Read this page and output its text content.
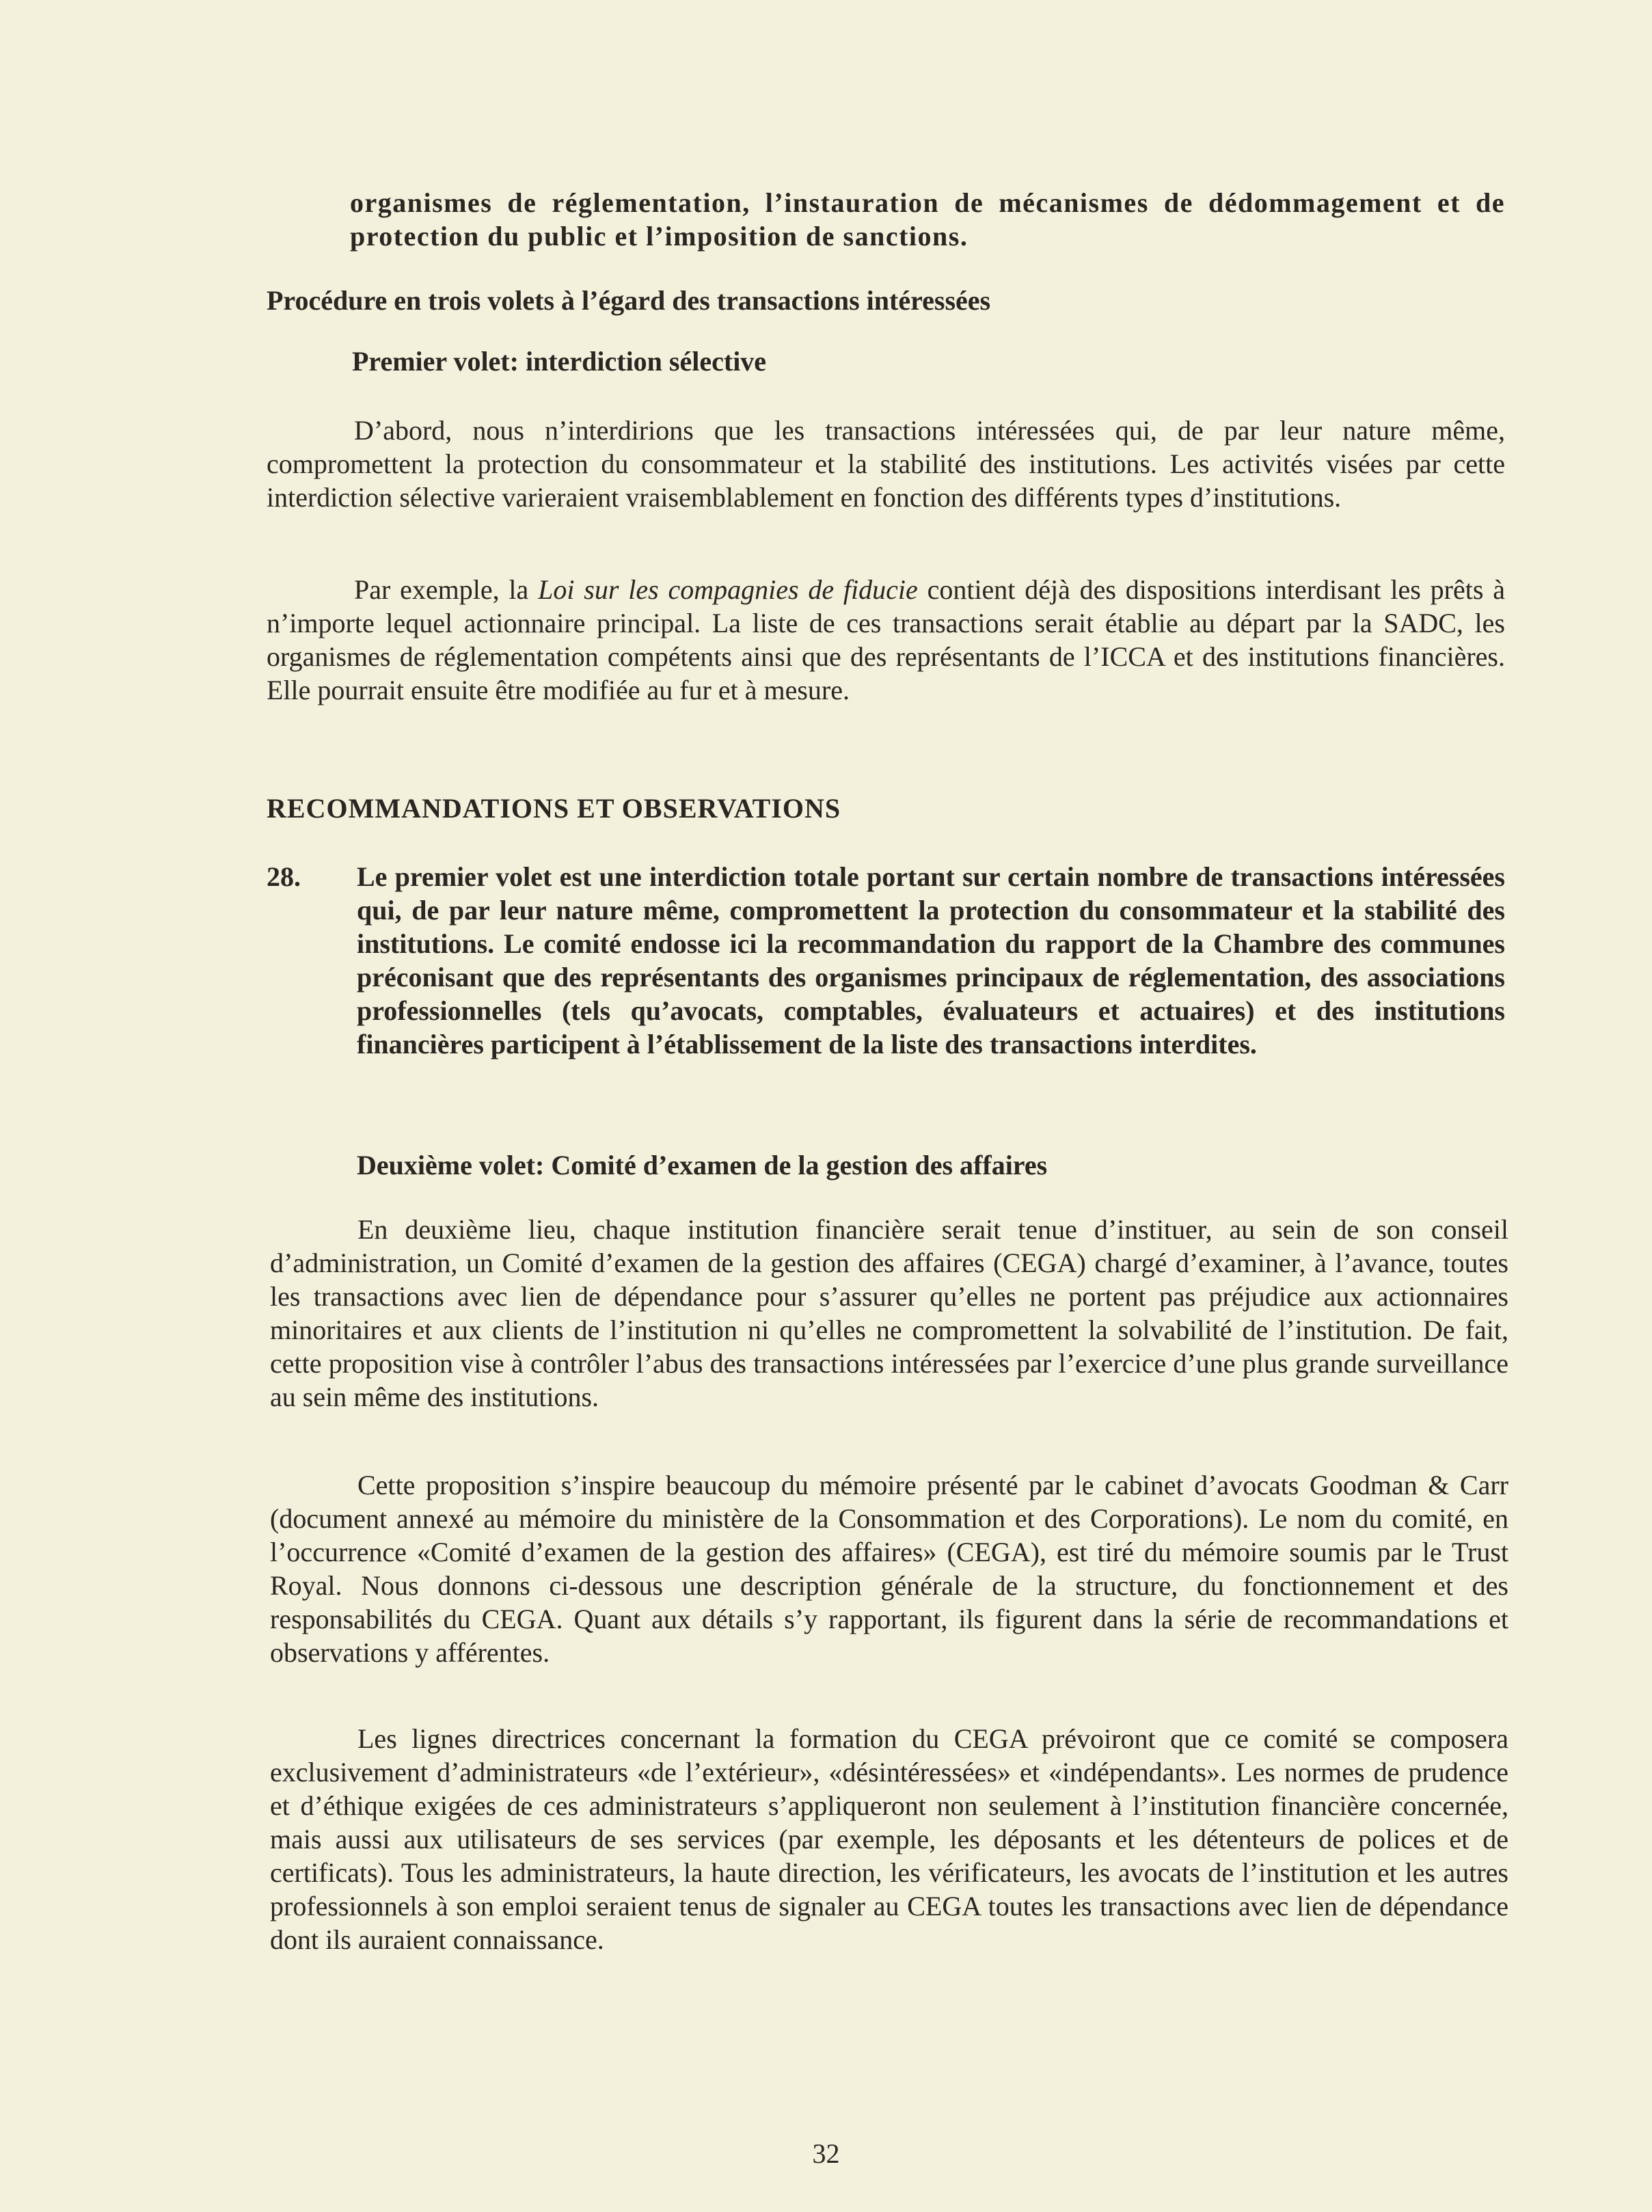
organismes de réglementation, l’instauration de mécanismes de dédommagement et de protection du public et l’imposition de sanctions.

Procédure en trois volets à l’égard des transactions intéressées

Premier volet: interdiction sélective

D’abord, nous n’interdirions que les transactions intéressées qui, de par leur nature même, compromettent la protection du consommateur et la stabilité des institutions. Les activités visées par cette interdiction sélective varieraient vraisemblablement en fonction des différents types d’institutions.

Par exemple, la Loi sur les compagnies de fiducie contient déjà des dispositions interdisant les prêts à n’importe lequel actionnaire principal. La liste de ces transactions serait établie au départ par la SADC, les organismes de réglementation compétents ainsi que des représentants de l’ICCA et des institutions financières. Elle pourrait ensuite être modifiée au fur et à mesure.

RECOMMANDATIONS ET OBSERVATIONS

28. Le premier volet est une interdiction totale portant sur certain nombre de transactions intéressées qui, de par leur nature même, compromettent la protection du consommateur et la stabilité des institutions. Le comité endosse ici la recommandation du rapport de la Chambre des communes préconisant que des représentants des organismes principaux de réglementation, des associations professionnelles (tels qu’avocats, comptables, évaluateurs et actuaires) et des institutions financières participent à l’établissement de la liste des transactions interdites.

Deuxième volet: Comité d’examen de la gestion des affaires

En deuxième lieu, chaque institution financière serait tenue d’instituer, au sein de son conseil d’administration, un Comité d’examen de la gestion des affaires (CEGA) chargé d’examiner, à l’avance, toutes les transactions avec lien de dépendance pour s’assurer qu’elles ne portent pas préjudice aux actionnaires minoritaires et aux clients de l’institution ni qu’elles ne compromettent la solvabilité de l’institution. De fait, cette proposition vise à contrôler l’abus des transactions intéressées par l’exercice d’une plus grande surveillance au sein même des institutions.

Cette proposition s’inspire beaucoup du mémoire présenté par le cabinet d’avocats Goodman & Carr (document annexé au mémoire du ministère de la Consommation et des Corporations). Le nom du comité, en l’occurrence «Comité d’examen de la gestion des affaires» (CEGA), est tiré du mémoire soumis par le Trust Royal. Nous donnons ci-dessous une description générale de la structure, du fonctionnement et des responsabilités du CEGA. Quant aux détails s’y rapportant, ils figurent dans la série de recommandations et observations y afférentes.

Les lignes directrices concernant la formation du CEGA prévoiront que ce comité se composera exclusivement d’administrateurs «de l’extérieur», «désintéressées» et «indépendants». Les normes de prudence et d’éthique exigées de ces administrateurs s’appliqueront non seulement à l’institution financière concernée, mais aussi aux utilisateurs de ses services (par exemple, les déposants et les détenteurs de polices et de certificats). Tous les administrateurs, la haute direction, les vérificateurs, les avocats de l’institution et les autres professionnels à son emploi seraient tenus de signaler au CEGA toutes les transactions avec lien de dépendance dont ils auraient connaissance.

32
